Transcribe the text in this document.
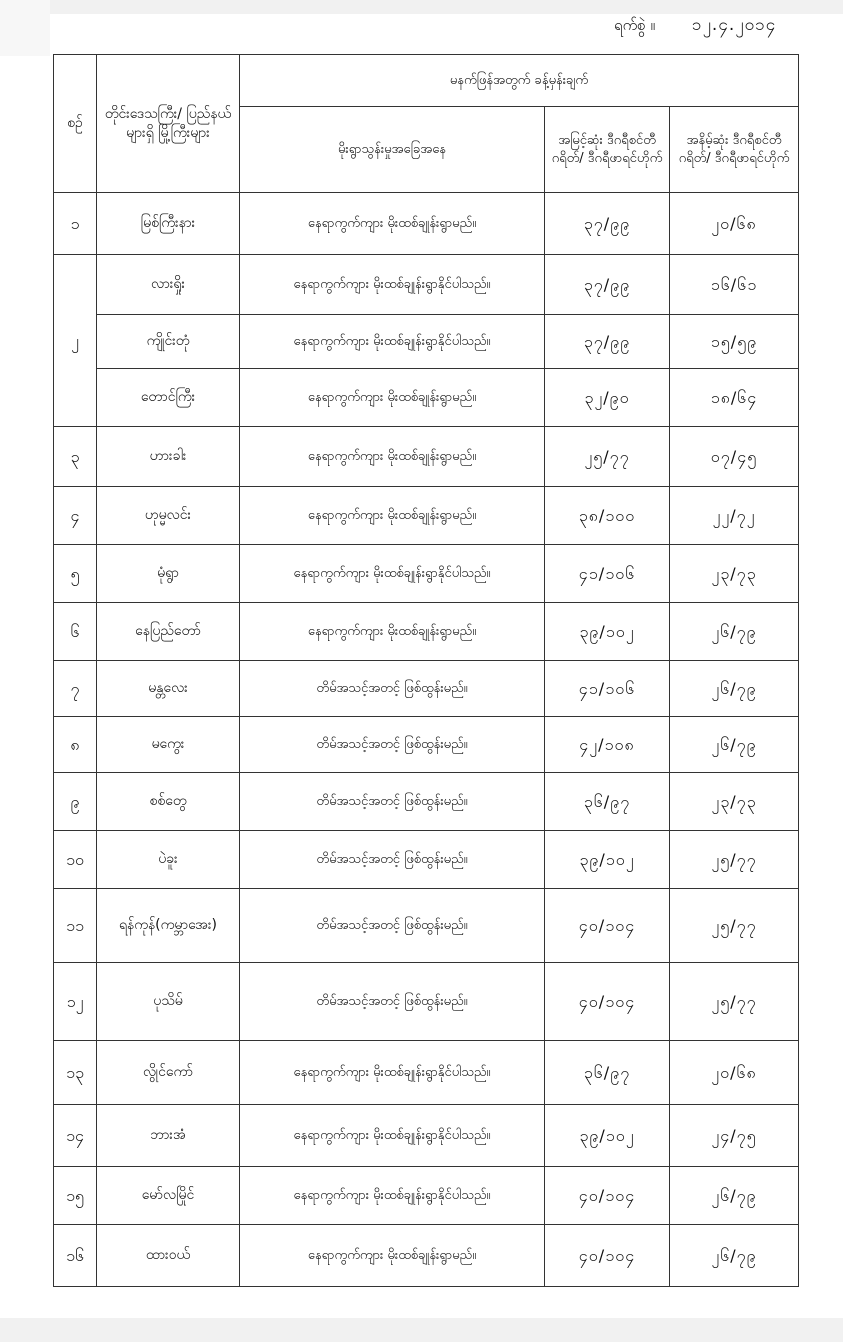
ရက်စွဲ ။ ၁၂.၄.၂၀၁၄
စဥ်	တိုင်းဒေသကြီး/ ပြည်နယ်များရှိ မြို့ကြီးများ	မနက်ဖြန်အတွက် ခန့်မှန်းချက်		
		မိုးရွာသွန်းမှုအခြေအနေ	အမြင့်ဆုံး ဒီဂရီစင်တီဂရိတ်/ ဒီဂရီဖာရင်ဟိုက်	အနိမ့်ဆုံး ဒီဂရီစင်တီဂရိတ်/ ဒီဂရီဖာရင်ဟိုက်
၁	မြစ်ကြီးနား	နေရာကွက်ကျား မိုးထစ်ချုန်းရွာမည်။	၃၇/၉၉	၂၀/၆၈
၂	လားရှိုး	နေရာကွက်ကျား မိုးထစ်ချုန်းရွာနိုင်ပါသည်။	၃၇/၉၉	၁၆/၆၁
	ကျိုင်းတုံ	နေရာကွက်ကျား မိုးထစ်ချုန်းရွာနိုင်ပါသည်။	၃၇/၉၉	၁၅/၅၉
	တောင်ကြီး	နေရာကွက်ကျား မိုးထစ်ချုန်းရွာမည်။	၃၂/၉၀	၁၈/၆၄
၃	ဟားခါး	နေရာကွက်ကျား မိုးထစ်ချုန်းရွာမည်။	၂၅/၇၇	၀၇/၄၅
၄	ဟုမ္မလင်း	နေရာကွက်ကျား မိုးထစ်ချုန်းရွာမည်။	၃၈/၁၀၀	၂၂/၇၂
၅	မုံရွာ	နေရာကွက်ကျား မိုးထစ်ချုန်းရွာနိုင်ပါသည်။	၄၁/၁၀၆	၂၃/၇၃
၆	နေပြည်တော်	နေရာကွက်ကျား မိုးထစ်ချုန်းရွာမည်။	၃၉/၁၀၂	၂၆/၇၉
၇	မန္တလေး	တိမ်အသင့်အတင့် ဖြစ်ထွန်းမည်။	၄၁/၁၀၆	၂၆/၇၉
၈	မကွေး	တိမ်အသင့်အတင့် ဖြစ်ထွန်းမည်။	၄၂/၁၀၈	၂၆/၇၉
၉	စစ်တွေ	တိမ်အသင့်အတင့် ဖြစ်ထွန်းမည်။	၃၆/၉၇	၂၃/၇၃
၁၀	ပဲခူး	တိမ်အသင့်အတင့် ဖြစ်ထွန်းမည်။	၃၉/၁၀၂	၂၅/၇၇
၁၁	ရန်ကုန်(ကမ္ဘာအေး)	တိမ်အသင့်အတင့် ဖြစ်ထွန်းမည်။	၄၀/၁၀၄	၂၅/၇၇
၁၂	ပုသိမ်	တိမ်အသင့်အတင့် ဖြစ်ထွန်းမည်။	၄၀/၁၀၄	၂၅/၇၇
၁၃	လွိုင်ကော်	နေရာကွက်ကျား မိုးထစ်ချုန်းရွာနိုင်ပါသည်။	၃၆/၉၇	၂၀/၆၈
၁၄	ဘားအံ	နေရာကွက်ကျား မိုးထစ်ချုန်းရွာနိုင်ပါသည်။	၃၉/၁၀၂	၂၄/၇၅
၁၅	မော်လမြိုင်	နေရာကွက်ကျား မိုးထစ်ချုန်းရွာနိုင်ပါသည်။	၄၀/၁၀၄	၂၆/၇၉
၁၆	ထားဝယ်	နေရာကွက်ကျား မိုးထစ်ချုန်းရွာမည်။	၄၀/၁၀၄	၂၆/၇၉
